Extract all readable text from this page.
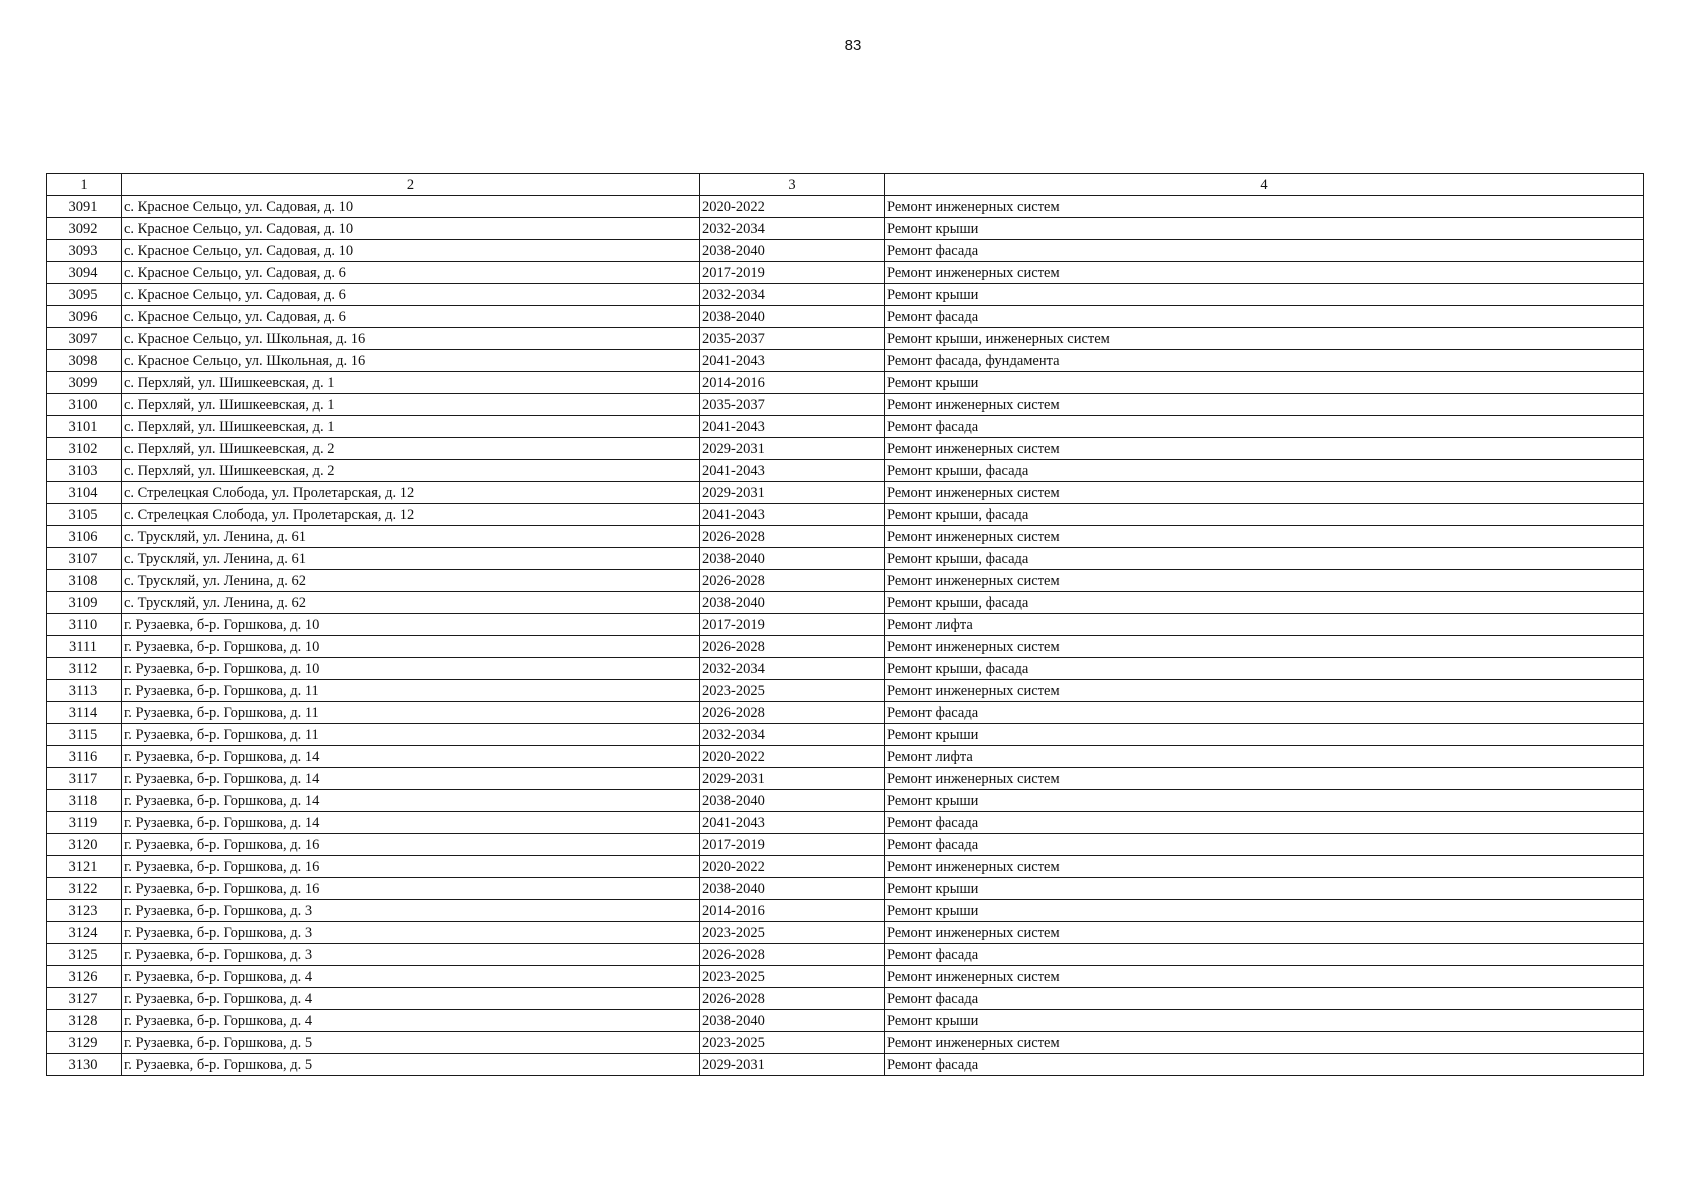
83
1	2	3	4
3091	с. Красное Сельцо, ул. Садовая, д. 10	2020-2022	Ремонт инженерных систем
3092	с. Красное Сельцо, ул. Садовая, д. 10	2032-2034	Ремонт крыши
3093	с. Красное Сельцо, ул. Садовая, д. 10	2038-2040	Ремонт фасада
3094	с. Красное Сельцо, ул. Садовая, д. 6	2017-2019	Ремонт инженерных систем
3095	с. Красное Сельцо, ул. Садовая, д. 6	2032-2034	Ремонт крыши
3096	с. Красное Сельцо, ул. Садовая, д. 6	2038-2040	Ремонт фасада
3097	с. Красное Сельцо, ул. Школьная, д. 16	2035-2037	Ремонт крыши, инженерных систем
3098	с. Красное Сельцо, ул. Школьная, д. 16	2041-2043	Ремонт фасада, фундамента
3099	с. Перхляй, ул. Шишкеевская, д. 1	2014-2016	Ремонт крыши
3100	с. Перхляй, ул. Шишкеевская, д. 1	2035-2037	Ремонт инженерных систем
3101	с. Перхляй, ул. Шишкеевская, д. 1	2041-2043	Ремонт фасада
3102	с. Перхляй, ул. Шишкеевская, д. 2	2029-2031	Ремонт инженерных систем
3103	с. Перхляй, ул. Шишкеевская, д. 2	2041-2043	Ремонт крыши, фасада
3104	с. Стрелецкая Слобода, ул. Пролетарская, д. 12	2029-2031	Ремонт инженерных систем
3105	с. Стрелецкая Слобода, ул. Пролетарская, д. 12	2041-2043	Ремонт крыши, фасада
3106	с. Трускляй, ул. Ленина, д. 61	2026-2028	Ремонт инженерных систем
3107	с. Трускляй, ул. Ленина, д. 61	2038-2040	Ремонт крыши, фасада
3108	с. Трускляй, ул. Ленина, д. 62	2026-2028	Ремонт инженерных систем
3109	с. Трускляй, ул. Ленина, д. 62	2038-2040	Ремонт крыши, фасада
3110	г. Рузаевка, б-р. Горшкова, д. 10	2017-2019	Ремонт лифта
3111	г. Рузаевка, б-р. Горшкова, д. 10	2026-2028	Ремонт инженерных систем
3112	г. Рузаевка, б-р. Горшкова, д. 10	2032-2034	Ремонт крыши, фасада
3113	г. Рузаевка, б-р. Горшкова, д. 11	2023-2025	Ремонт инженерных систем
3114	г. Рузаевка, б-р. Горшкова, д. 11	2026-2028	Ремонт фасада
3115	г. Рузаевка, б-р. Горшкова, д. 11	2032-2034	Ремонт крыши
3116	г. Рузаевка, б-р. Горшкова, д. 14	2020-2022	Ремонт лифта
3117	г. Рузаевка, б-р. Горшкова, д. 14	2029-2031	Ремонт инженерных систем
3118	г. Рузаевка, б-р. Горшкова, д. 14	2038-2040	Ремонт крыши
3119	г. Рузаевка, б-р. Горшкова, д. 14	2041-2043	Ремонт фасада
3120	г. Рузаевка, б-р. Горшкова, д. 16	2017-2019	Ремонт фасада
3121	г. Рузаевка, б-р. Горшкова, д. 16	2020-2022	Ремонт инженерных систем
3122	г. Рузаевка, б-р. Горшкова, д. 16	2038-2040	Ремонт крыши
3123	г. Рузаевка, б-р. Горшкова, д. 3	2014-2016	Ремонт крыши
3124	г. Рузаевка, б-р. Горшкова, д. 3	2023-2025	Ремонт инженерных систем
3125	г. Рузаевка, б-р. Горшкова, д. 3	2026-2028	Ремонт фасада
3126	г. Рузаевка, б-р. Горшкова, д. 4	2023-2025	Ремонт инженерных систем
3127	г. Рузаевка, б-р. Горшкова, д. 4	2026-2028	Ремонт фасада
3128	г. Рузаевка, б-р. Горшкова, д. 4	2038-2040	Ремонт крыши
3129	г. Рузаевка, б-р. Горшкова, д. 5	2023-2025	Ремонт инженерных систем
3130	г. Рузаевка, б-р. Горшкова, д. 5	2029-2031	Ремонт фасада
